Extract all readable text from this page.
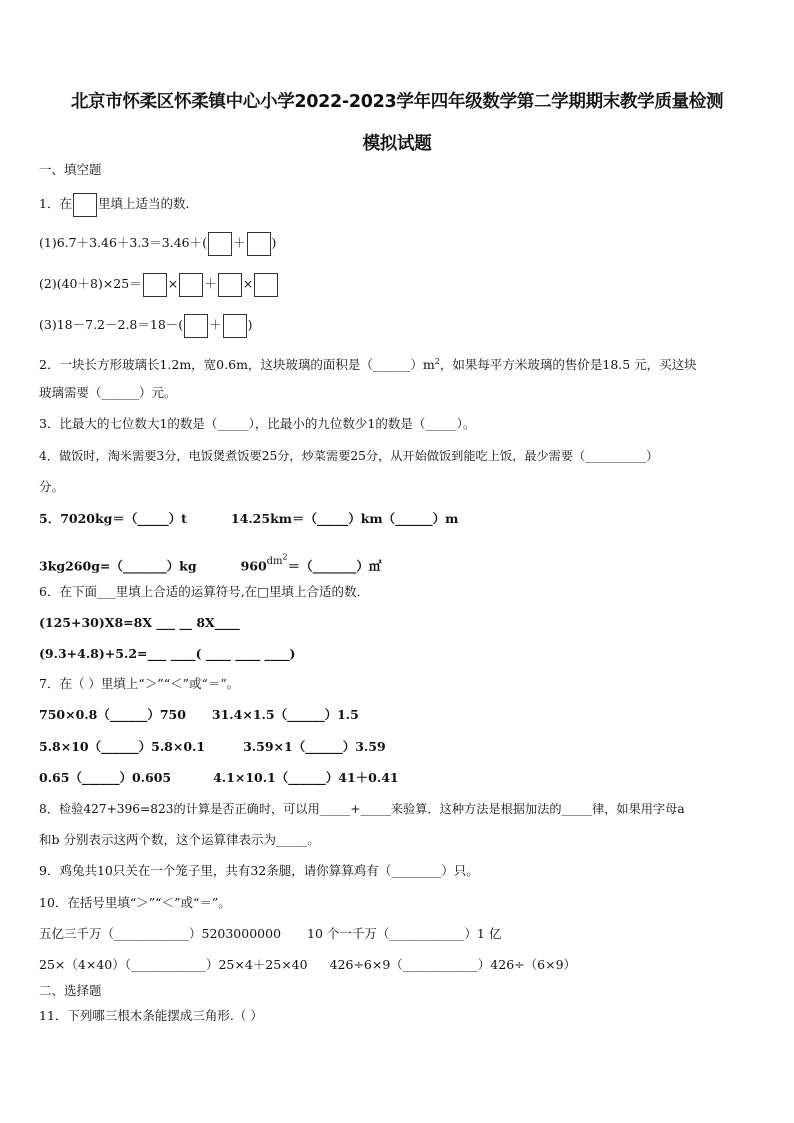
北京市怀柔区怀柔镇中心小学2022-2023学年四年级数学第二学期期末教学质量检测
模拟试题
一、填空题
1．在 里填上适当的数．
(1)6.7＋3.46＋3.3＝3.46＋( ＋ )
(2)(40＋8)×25＝ × ＋ ×
(3)18－7.2－2.8＝18－( ＋ )
2．一块长方形玻璃长1.2m，宽0.6m，这块玻璃的面积是$(\_\_\_\_\_\_)m^2$，如果每平方米玻璃的售价是18.5 元，买这块
玻璃需要（______）元。
3．比最大的七位数大1的数是（_____），比最小的九位数少1的数是（_____）。
4．做饭时，淘米需要3分，电饭煲煮饭要25分，炒菜需要25分，从开始做饭到能吃上饭，最少需要（__________）
分。
5．7020kg＝（_____）t	14.25km＝（_____）km（______）m
3kg260g=（_______）kg	$960^{dm^2}=(\_\_\_\_\_\_\_)㎡$
6．在下面___里填上合适的运算符号,在□里填上合适的数．
(125+30)X8=8X ___ __ 8X____
(9.3+4.8)+5.2=___ ____( ____ ____ ____)
7．在（ ）里填上“＞”“＜”或“＝”。
750×0.8（______）750 31.4×1.5（______）1.5
5.8×10（______）5.8×0.1	3.59×1（______）3.59
0.65（______）0.605	4.1×10.1（______）41＋0.41
8．检验427+396=823的计算是否正确时，可以用_____+_____来验算．这种方法是根据加法的_____律，如果用字母a
和b 分别表示这两个数，这个运算律表示为_____。
9．鸡兔共10只关在一个笼子里，共有32条腿，请你算算鸡有（________）只。
10．在括号里填“＞”“＜”或“＝”。
五亿三千万（____________）5203000000 10 个一千万（____________）1 亿
25×（4×40）（____________）25×4＋25×40 426÷6×9（____________）426÷（6×9）
二、选择题
11．下列哪三根木条能摆成三角形.（ ）
